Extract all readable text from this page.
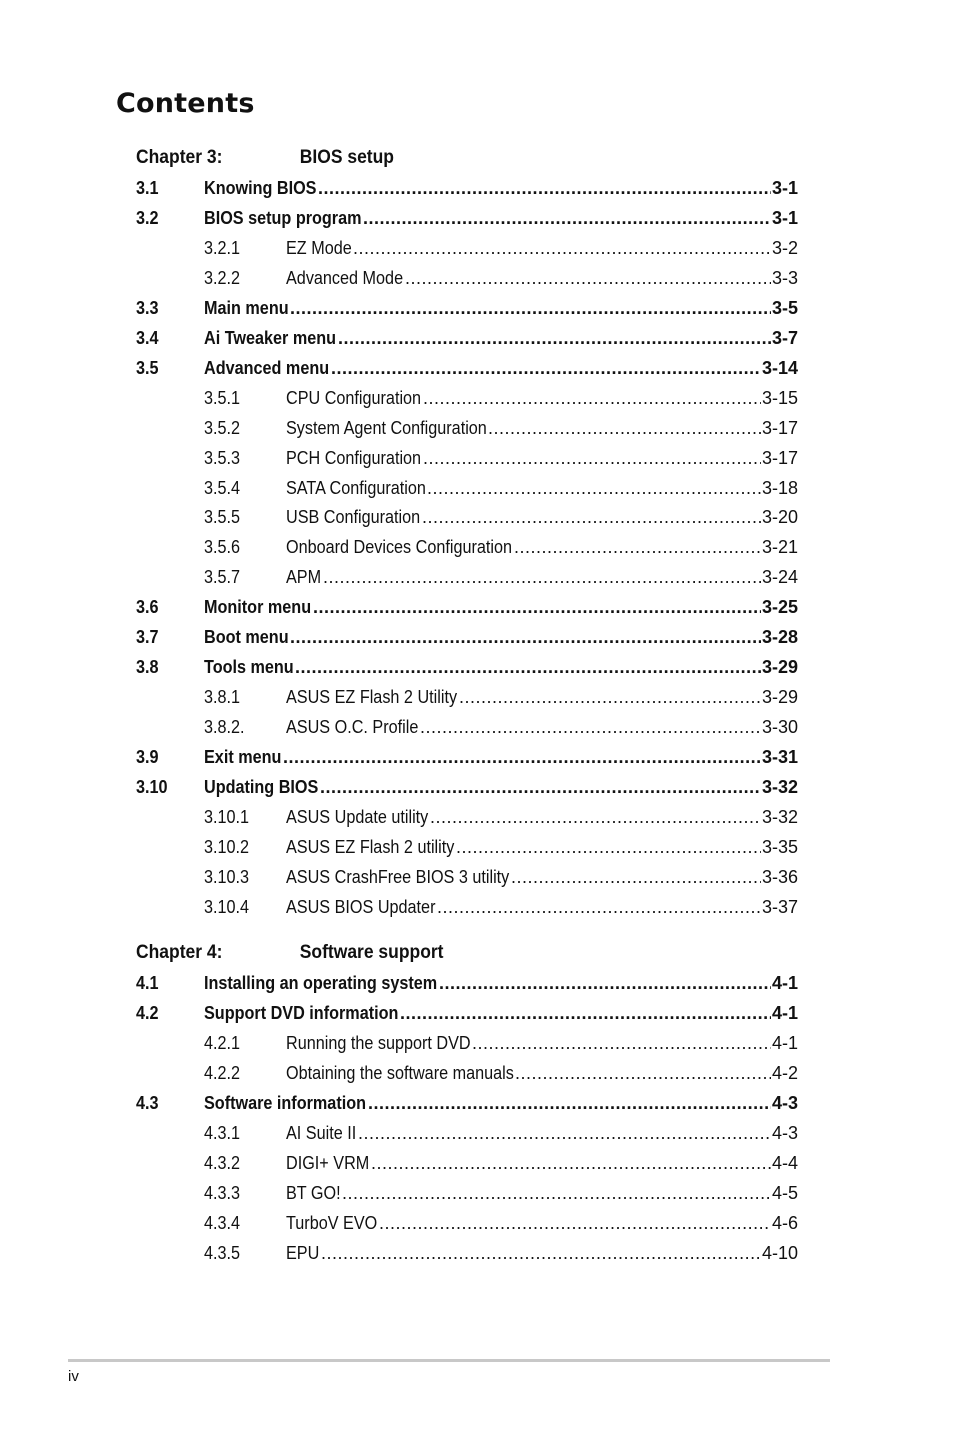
Contents
Chapter 3:	BIOS setup
3.1	Knowing BIOS .....	3-1
3.2	BIOS setup program .....	3-1
3.2.1	EZ Mode .....	3-2
3.2.2	Advanced Mode .....	3-3
3.3	Main menu .....	3-5
3.4	Ai Tweaker menu .....	3-7
3.5	Advanced menu .....	3-14
3.5.1	CPU Configuration .....	3-15
3.5.2	System Agent Configuration .....	3-17
3.5.3	PCH Configuration .....	3-17
3.5.4	SATA Configuration .....	3-18
3.5.5	USB Configuration .....	3-20
3.5.6	Onboard Devices Configuration .....	3-21
3.5.7	APM .....	3-24
3.6	Monitor menu .....	3-25
3.7	Boot menu .....	3-28
3.8	Tools menu .....	3-29
3.8.1	ASUS EZ Flash 2 Utility .....	3-29
3.8.2. ASUS O.C. Profile .....	3-30
3.9	Exit menu .....	3-31
3.10 Updating BIOS .....	3-32
3.10.1 ASUS Update utility .....	3-32
3.10.2 ASUS EZ Flash 2 utility .....	3-35
3.10.3 ASUS CrashFree BIOS 3 utility .....	3-36
3.10.4 ASUS BIOS Updater .....	3-37
Chapter 4:	Software support
4.1	Installing an operating system .....	4-1
4.2	Support DVD information .....	4-1
4.2.1	Running the support DVD .....	4-1
4.2.2	Obtaining the software manuals .....	4-2
4.3	Software information .....	4-3
4.3.1	AI Suite II .....	4-3
4.3.2	DIGI+ VRM .....	4-4
4.3.3	BT GO! .....	4-5
4.3.4	TurboV EVO .....	4-6
4.3.5	EPU .....	4-10
iv
